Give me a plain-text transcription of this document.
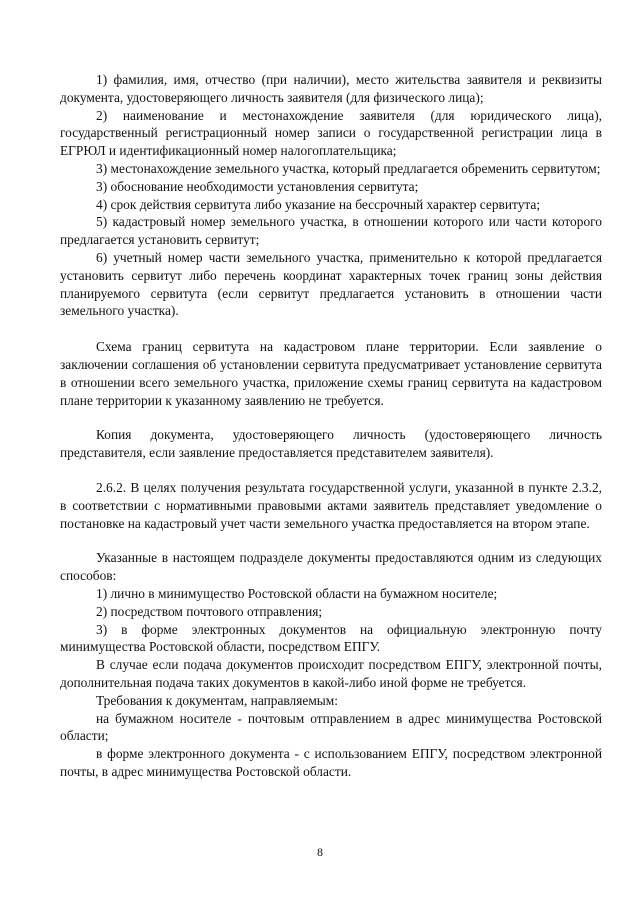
1) фамилия, имя, отчество (при наличии), место жительства заявителя и реквизиты документа, удостоверяющего личность заявителя (для физического лица);

2) наименование и местонахождение заявителя (для юридического лица), государственный регистрационный номер записи о государственной регистрации лица в ЕГРЮЛ и идентификационный номер налогоплательщика;

3) местонахождение земельного участка, который предлагается обременить сервитутом;

3) обоснование необходимости установления сервитута;

4) срок действия сервитута либо указание на бессрочный характер сервитута;

5) кадастровый номер земельного участка, в отношении которого или части которого предлагается установить сервитут;

6) учетный номер части земельного участка, применительно к которой предлагается установить сервитут либо перечень координат характерных точек границ зоны действия планируемого сервитута (если сервитут предлагается установить в отношении части земельного участка).

Схема границ сервитута на кадастровом плане территории. Если заявление о заключении соглашения об установлении сервитута предусматривает установление сервитута в отношении всего земельного участка, приложение схемы границ сервитута на кадастровом плане территории к указанному заявлению не требуется.

Копия документа, удостоверяющего личность (удостоверяющего личность представителя, если заявление предоставляется представителем заявителя).

2.6.2. В целях получения результата государственной услуги, указанной в пункте 2.3.2, в соответствии с нормативными правовыми актами заявитель представляет уведомление о постановке на кадастровый учет части земельного участка предоставляется на втором этапе.

Указанные в настоящем подразделе документы предоставляются одним из следующих способов:

1) лично в минимущество Ростовской области на бумажном носителе;

2) посредством почтового отправления;

3) в форме электронных документов на официальную электронную почту минимущества Ростовской области, посредством ЕПГУ.

В случае если подача документов происходит посредством ЕПГУ, электронной почты, дополнительная подача таких документов в какой-либо иной форме не требуется.

Требования к документам, направляемым:

на бумажном носителе - почтовым отправлением в адрес минимущества Ростовской области;

в форме электронного документа - с использованием ЕПГУ, посредством электронной почты, в адрес минимущества Ростовской области.

8
